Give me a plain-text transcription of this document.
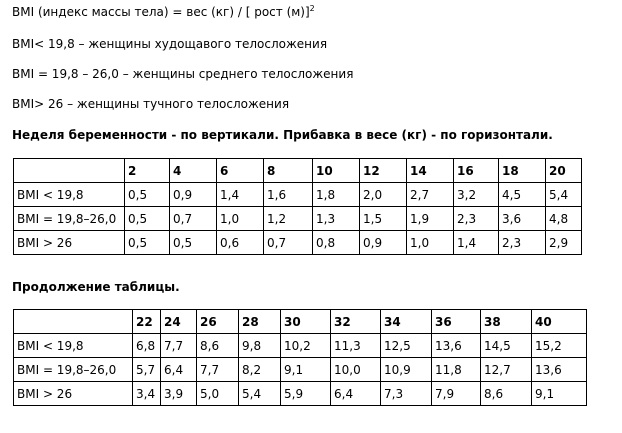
BMI (индекс массы тела) = вес (кг) / [ рост (м)]$^2$
BMI< 19,8 – женщины худощавого телосложения
BMI = 19,8 – 26,0 – женщины среднего телосложения
BMI> 26 – женщины тучного телосложения
Неделя беременности - по вертикали. Прибавка в весе (кг) - по горизонтали.
	2	4	6	8	10	12	14	16	18	20
BMI < 19,8	0,5	0,9	1,4	1,6	1,8	2,0	2,7	3,2	4,5	5,4
BMI = 19,8–26,0	0,5	0,7	1,0	1,2	1,3	1,5	1,9	2,3	3,6	4,8
BMI > 26	0,5	0,5	0,6	0,7	0,8	0,9	1,0	1,4	2,3	2,9
Продолжение таблицы.
	22	24	26	28	30	32	34	36	38	40
BMI < 19,8	6,8	7,7	8,6	9,8	10,2	11,3	12,5	13,6	14,5	15,2
BMI = 19,8–26,0	5,7	6,4	7,7	8,2	9,1	10,0	10,9	11,8	12,7	13,6
BMI > 26	3,4	3,9	5,0	5,4	5,9	6,4	7,3	7,9	8,6	9,1
